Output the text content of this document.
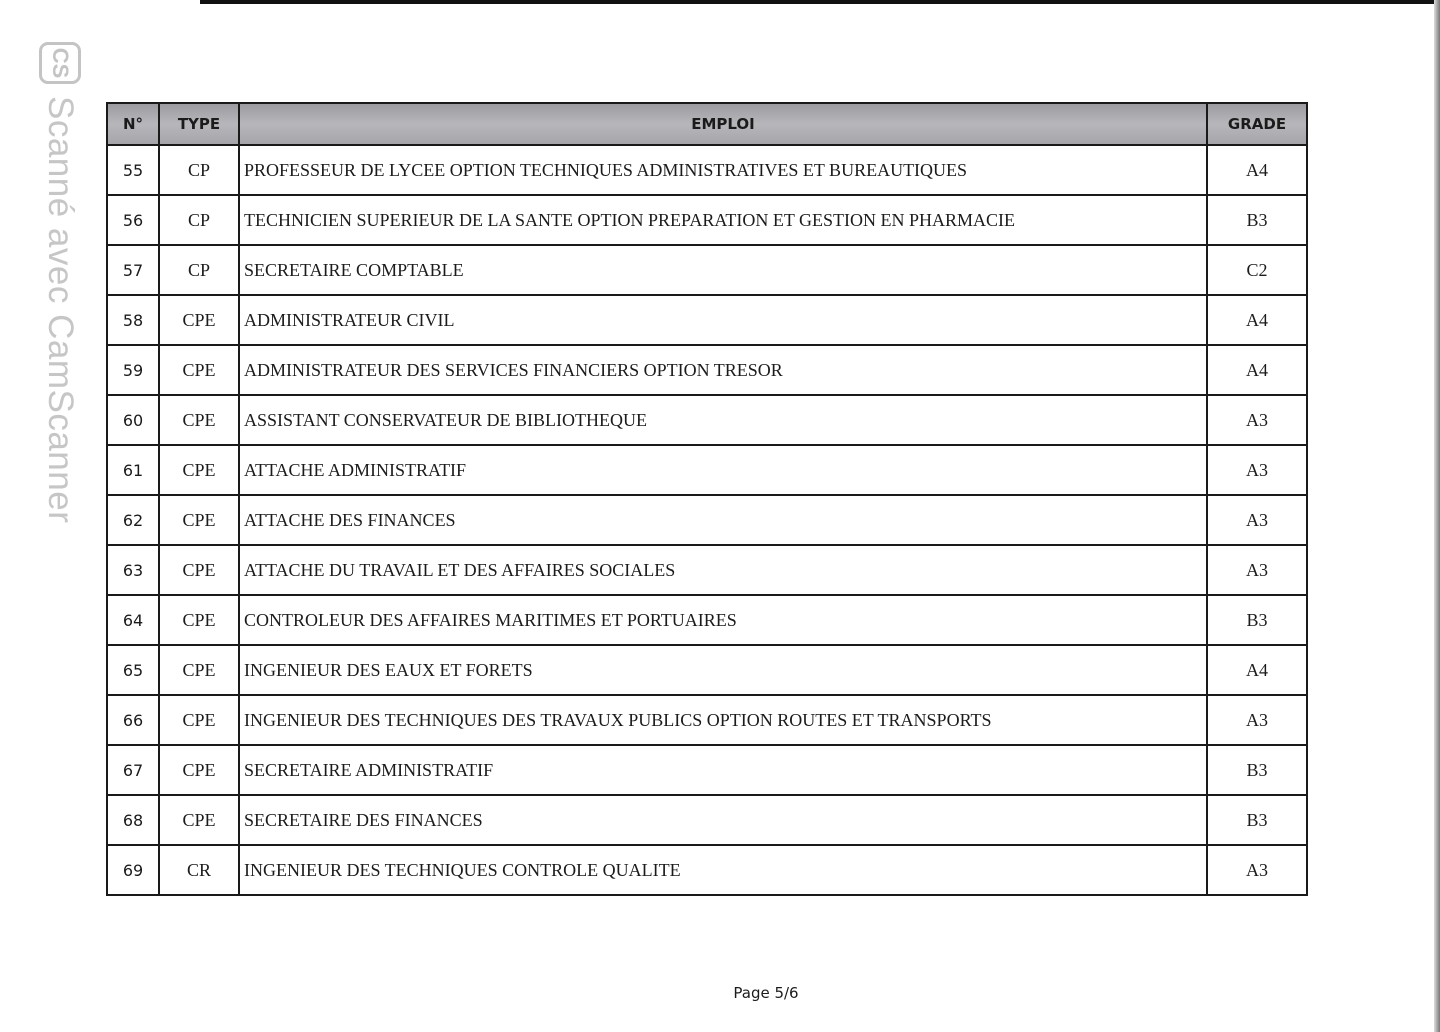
CS
Scanné avec CamScanner	N°	TYPE	EMPLOI	GRADE
55	CP	PROFESSEUR DE LYCEE OPTION TECHNIQUES ADMINISTRATIVES ET BUREAUTIQUES	A4
56	CP	TECHNICIEN SUPERIEUR DE LA SANTE OPTION PREPARATION ET GESTION EN PHARMACIE	B3
57	CP	SECRETAIRE COMPTABLE	C2
58	CPE	ADMINISTRATEUR CIVIL	A4
59	CPE	ADMINISTRATEUR DES SERVICES FINANCIERS OPTION TRESOR	A4
60	CPE	ASSISTANT CONSERVATEUR DE BIBLIOTHEQUE	A3
61	CPE	ATTACHE ADMINISTRATIF	A3
62	CPE	ATTACHE DES FINANCES	A3
63	CPE	ATTACHE DU TRAVAIL ET DES AFFAIRES SOCIALES	A3
64	CPE	CONTROLEUR DES AFFAIRES MARITIMES ET PORTUAIRES	B3
65	CPE	INGENIEUR DES EAUX ET FORETS	A4
66	CPE	INGENIEUR DES TECHNIQUES DES TRAVAUX PUBLICS OPTION ROUTES ET TRANSPORTS	A3
67	CPE	SECRETAIRE ADMINISTRATIF	B3
68	CPE	SECRETAIRE DES FINANCES	B3
69	CR	INGENIEUR DES TECHNIQUES CONTROLE QUALITE	A3
Page 5/6
